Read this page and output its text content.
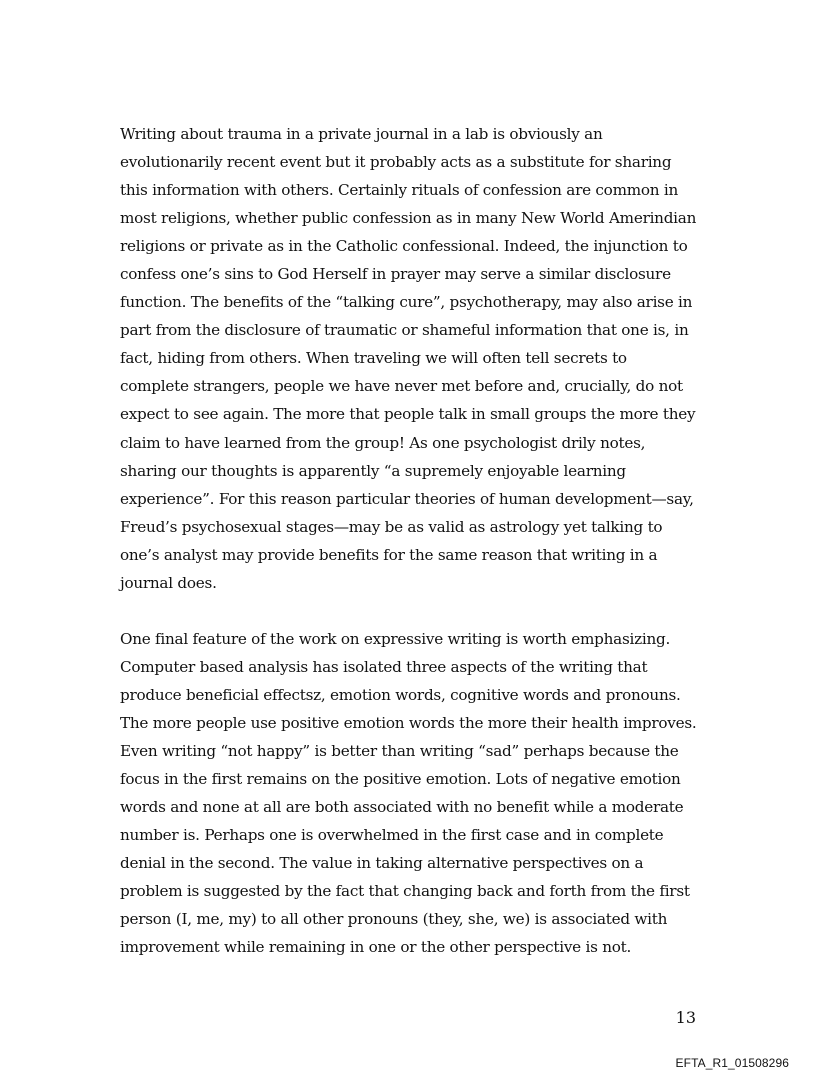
Writing about trauma in a private journal in a lab is obviously an evolutionarily recent event but it probably acts as a substitute for sharing this information with others. Certainly rituals of confession are common in most religions, whether public confession as in many New World Amerindian religions or private as in the Catholic confessional. Indeed, the injunction to confess one’s sins to God Herself in prayer may serve a similar disclosure function. The benefits of the “talking cure”, psychotherapy, may also arise in part from the disclosure of traumatic or shameful information that one is, in fact, hiding from others. When traveling we will often tell secrets to complete strangers, people we have never met before and, crucially, do not expect to see again. The more that people talk in small groups the more they claim to have learned from the group! As one psychologist drily notes, sharing our thoughts is apparently “a supremely enjoyable learning experience”. For this reason particular theories of human development—say, Freud’s psychosexual stages—may be as valid as astrology yet talking to one’s analyst may provide benefits for the same reason that writing in a journal does.

One final feature of the work on expressive writing is worth emphasizing. Computer based analysis has isolated three aspects of the writing that produce beneficial effectsz, emotion words, cognitive words and pronouns. The more people use positive emotion words the more their health improves. Even writing “not happy” is better than writing “sad” perhaps because the focus in the first remains on the positive emotion. Lots of negative emotion words and none at all are both associated with no benefit while a moderate number is. Perhaps one is overwhelmed in the first case and in complete denial in the second. The value in taking alternative perspectives on a problem is suggested by the fact that changing back and forth from the first person (I, me, my) to all other pronouns (they, she, we) is associated with improvement while remaining in one or the other perspective is not.

13
EFTA_R1_01508296
